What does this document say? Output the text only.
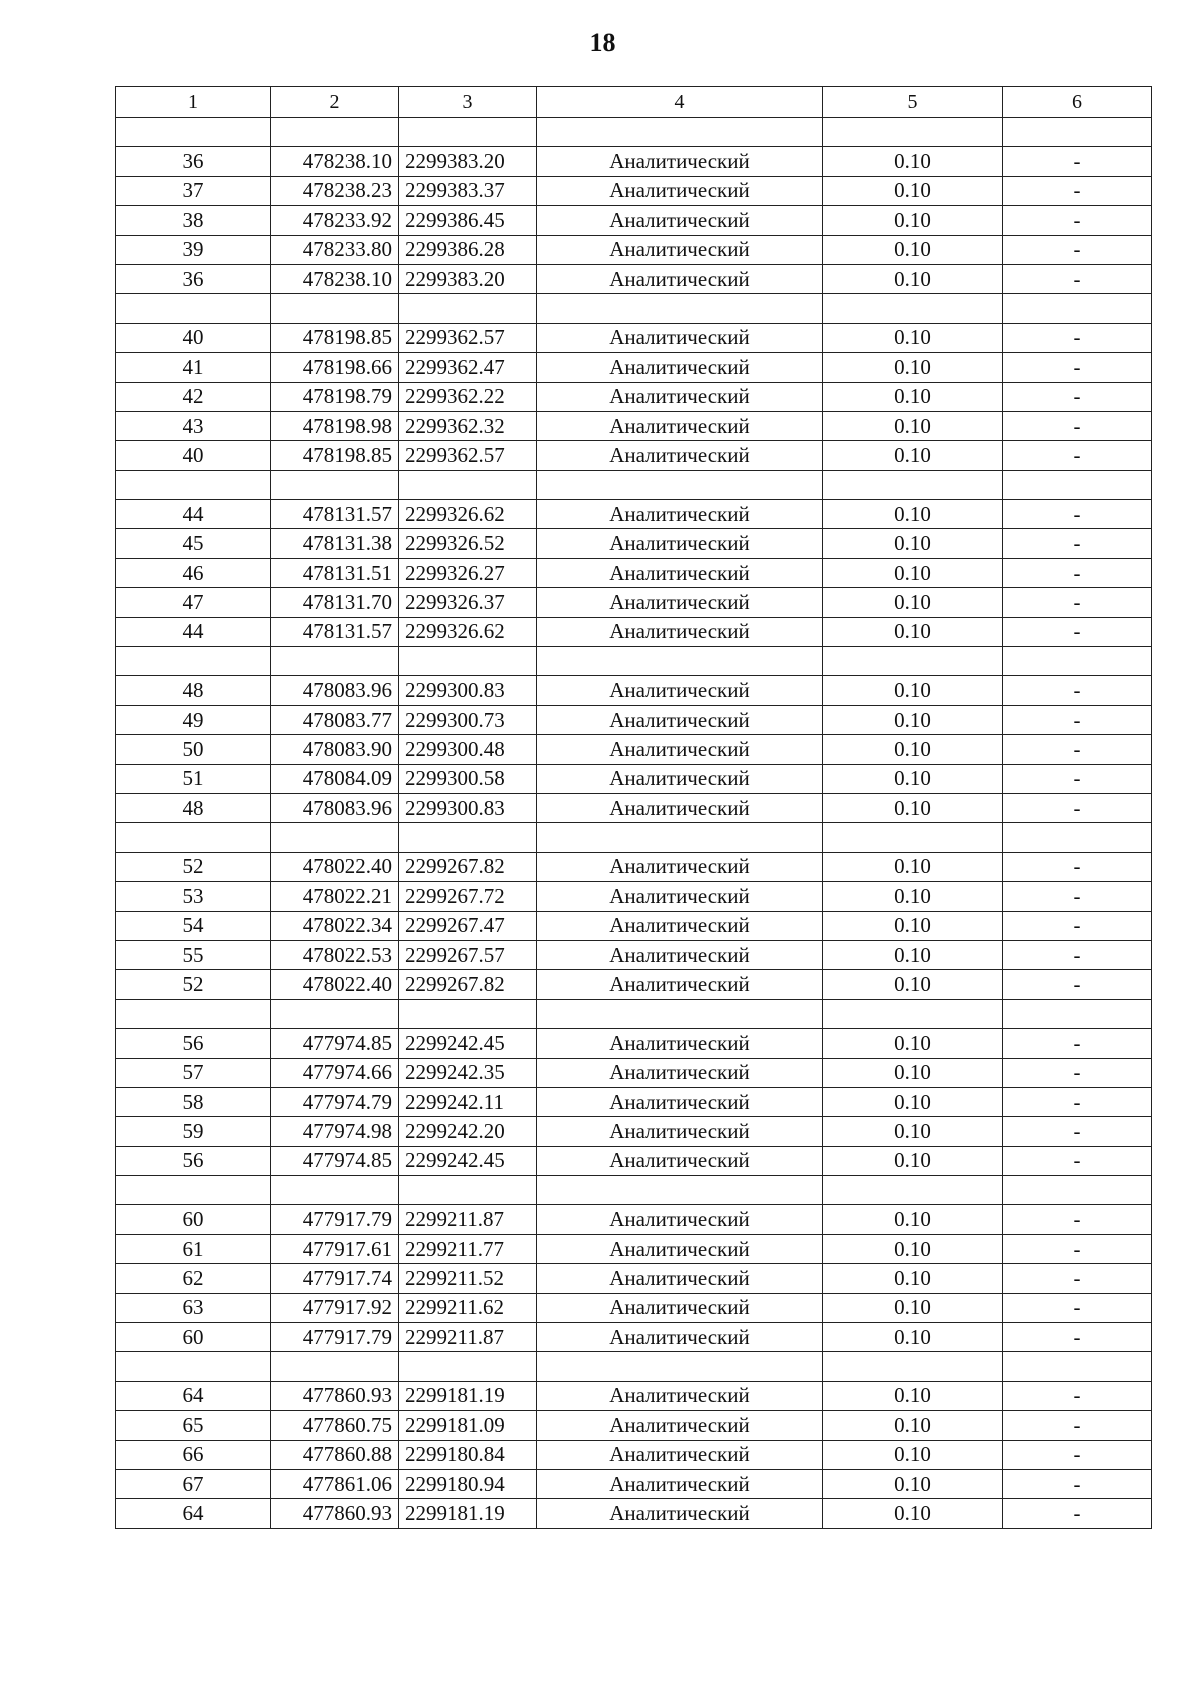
18
1	2	3	4	5	6

36	478238.10	2299383.20	Аналитический	0.10	-
37	478238.23	2299383.37	Аналитический	0.10	-
38	478233.92	2299386.45	Аналитический	0.10	-
39	478233.80	2299386.28	Аналитический	0.10	-
36	478238.10	2299383.20	Аналитический	0.10	-

40	478198.85	2299362.57	Аналитический	0.10	-
41	478198.66	2299362.47	Аналитический	0.10	-
42	478198.79	2299362.22	Аналитический	0.10	-
43	478198.98	2299362.32	Аналитический	0.10	-
40	478198.85	2299362.57	Аналитический	0.10	-

44	478131.57	2299326.62	Аналитический	0.10	-
45	478131.38	2299326.52	Аналитический	0.10	-
46	478131.51	2299326.27	Аналитический	0.10	-
47	478131.70	2299326.37	Аналитический	0.10	-
44	478131.57	2299326.62	Аналитический	0.10	-

48	478083.96	2299300.83	Аналитический	0.10	-
49	478083.77	2299300.73	Аналитический	0.10	-
50	478083.90	2299300.48	Аналитический	0.10	-
51	478084.09	2299300.58	Аналитический	0.10	-
48	478083.96	2299300.83	Аналитический	0.10	-

52	478022.40	2299267.82	Аналитический	0.10	-
53	478022.21	2299267.72	Аналитический	0.10	-
54	478022.34	2299267.47	Аналитический	0.10	-
55	478022.53	2299267.57	Аналитический	0.10	-
52	478022.40	2299267.82	Аналитический	0.10	-

56	477974.85	2299242.45	Аналитический	0.10	-
57	477974.66	2299242.35	Аналитический	0.10	-
58	477974.79	2299242.11	Аналитический	0.10	-
59	477974.98	2299242.20	Аналитический	0.10	-
56	477974.85	2299242.45	Аналитический	0.10	-

60	477917.79	2299211.87	Аналитический	0.10	-
61	477917.61	2299211.77	Аналитический	0.10	-
62	477917.74	2299211.52	Аналитический	0.10	-
63	477917.92	2299211.62	Аналитический	0.10	-
60	477917.79	2299211.87	Аналитический	0.10	-

64	477860.93	2299181.19	Аналитический	0.10	-
65	477860.75	2299181.09	Аналитический	0.10	-
66	477860.88	2299180.84	Аналитический	0.10	-
67	477861.06	2299180.94	Аналитический	0.10	-
64	477860.93	2299181.19	Аналитический	0.10	-
